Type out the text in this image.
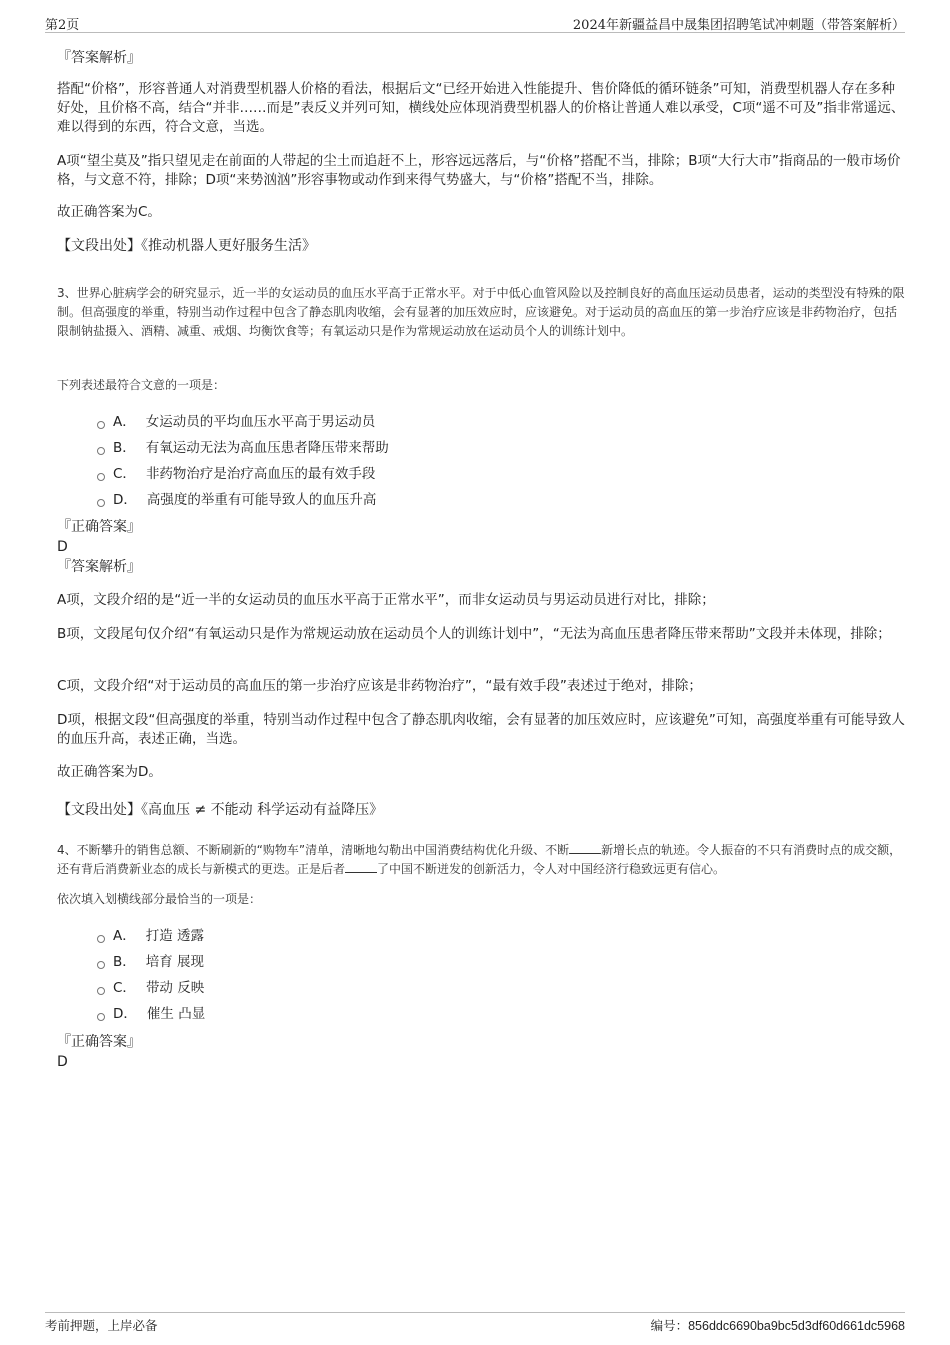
第2页	2024年新疆益昌中晟集团招聘笔试冲刺题（带答案解析）
『答案解析』
搭配“价格”，形容普通人对消费型机器人价格的看法，根据后文“已经开始进入性能提升、售价降低的循环链条”可知，消费型机器人存在多种好处，且价格不高，结合“并非……而是”表反义并列可知，横线处应体现消费型机器人的价格让普通人难以承受，C项“遥不可及”指非常遥远、难以得到的东西，符合文意，当选。
A项“望尘莫及”指只望见走在前面的人带起的尘土而追赶不上，形容远远落后，与“价格”搭配不当，排除；B项“大行大市”指商品的一般市场价格，与文意不符，排除；D项“来势汹汹”形容事物或动作到来得气势盛大，与“价格”搭配不当，排除。
故正确答案为C。
【文段出处】《推动机器人更好服务生活》
3、世界心脏病学会的研究显示，近一半的女运动员的血压水平高于正常水平。对于中低心血管风险以及控制良好的高血压运动员患者，运动的类型没有特殊的限制。但高强度的举重，特别当动作过程中包含了静态肌肉收缩，会有显著的加压效应时，应该避免。对于运动员的高血压的第一步治疗应该是非药物治疗，包括限制钠盐摄入、酒精、减重、戒烟、均衡饮食等；有氧运动只是作为常规运动放在运动员个人的训练计划中。
下列表述最符合文意的一项是：
A． 女运动员的平均血压水平高于男运动员
B． 有氧运动无法为高血压患者降压带来帮助
C． 非药物治疗是治疗高血压的最有效手段
D． 高强度的举重有可能导致人的血压升高
『正确答案』
D
『答案解析』
A项，文段介绍的是“近一半的女运动员的血压水平高于正常水平”，而非女运动员与男运动员进行对比，排除；
B项，文段尾句仅介绍“有氧运动只是作为常规运动放在运动员个人的训练计划中”，“无法为高血压患者降压带来帮助”文段并未体现，排除；
C项，文段介绍“对于运动员的高血压的第一步治疗应该是非药物治疗”，“最有效手段”表述过于绝对，排除；
D项，根据文段“但高强度的举重，特别当动作过程中包含了静态肌肉收缩，会有显著的加压效应时，应该避免”可知，高强度举重有可能导致人的血压升高，表述正确，当选。
故正确答案为D。
【文段出处】《高血压 ≠ 不能动 科学运动有益降压》
4、不断攀升的销售总额、不断刷新的“购物车”清单，清晰地勾勒出中国消费结构优化升级、不断	新增长点的轨迹。令人振奋的不只有消费时点的成交额，还有背后消费新业态的成长与新模式的更迭。正是后者	了中国不断迸发的创新活力，令人对中国经济行稳致远更有信心。
依次填入划横线部分最恰当的一项是：
A． 打造 透露
B． 培育 展现
C． 带动 反映
D． 催生 凸显
『正确答案』
D
考前押题，上岸必备	编号：856ddc6690ba9bc5d3df60d661dc5968
